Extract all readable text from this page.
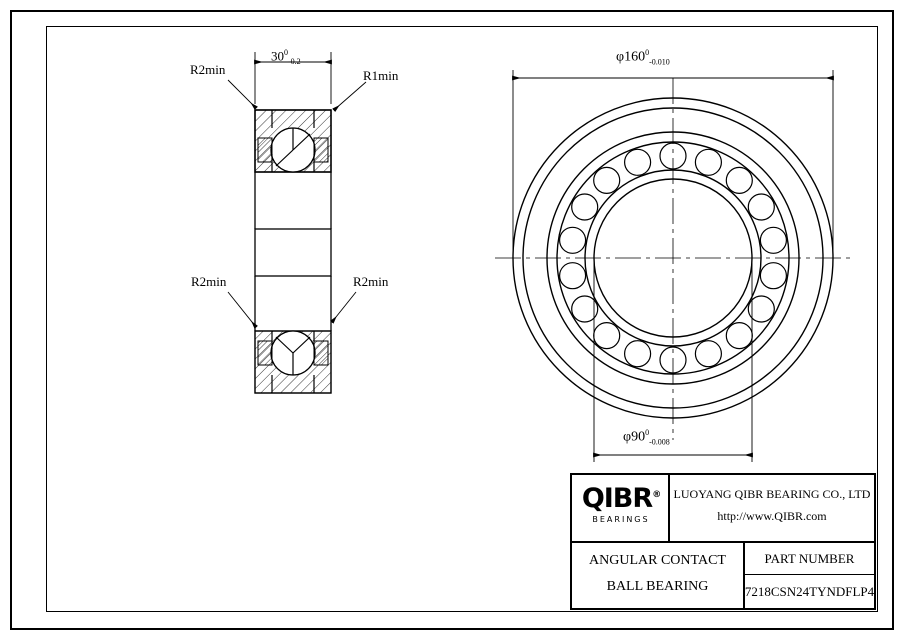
R2min	R1min
R2min	R2min
$30^0_{-0.2}$	$\varphi 160^0_{-0.010}$
$\varphi 90^0_{-0.008}$
QIBR®
BEARINGS
LUOYANG QIBR BEARING CO., LTD
http://www.QIBR.com
ANGULAR CONTACT
BALL BEARING
PART NUMBER
7218CSN24TYNDFLP4
